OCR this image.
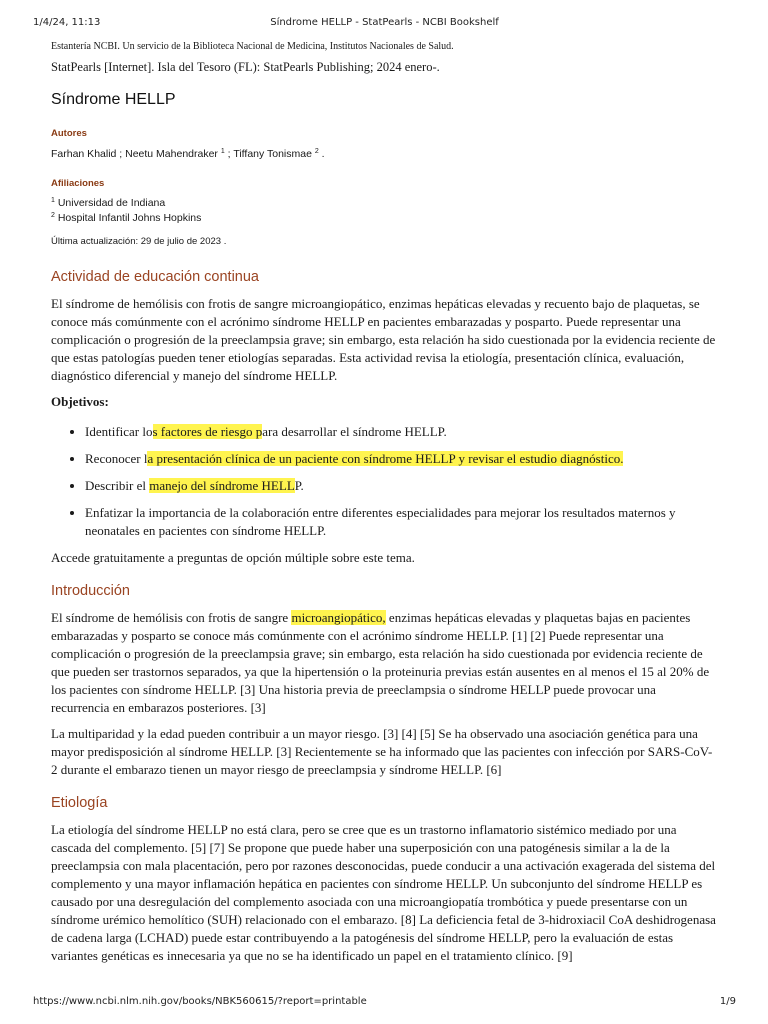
1/4/24, 11:13	Síndrome HELLP - StatPearls - NCBI Bookshelf

Estantería NCBI. Un servicio de la Biblioteca Nacional de Medicina, Institutos Nacionales de Salud.

StatPearls [Internet]. Isla del Tesoro (FL): StatPearls Publishing; 2024 enero-.

Síndrome HELLP

Autores

Farhan Khalid ; Neetu Mahendraker $^1$ ; Tiffany Tonismae $^2$ .

Afiliaciones

$^1$ Universidad de Indiana

$^2$ Hospital Infantil Johns Hopkins

Última actualización: 29 de julio de 2023 .

Actividad de educación continua

El síndrome de hemólisis con frotis de sangre microangiopático, enzimas hepáticas elevadas y recuento bajo de plaquetas, se conoce más comúnmente con el acrónimo síndrome HELLP en pacientes embarazadas y posparto. Puede representar una complicación o progresión de la preeclampsia grave; sin embargo, esta relación ha sido cuestionada por la evidencia reciente de que estas patologías pueden tener etiologías separadas. Esta actividad revisa la etiología, presentación clínica, evaluación, diagnóstico diferencial y manejo del síndrome HELLP.

Objetivos:

• Identificar los factores de riesgo para desarrollar el síndrome HELLP.
• Reconocer la presentación clínica de un paciente con síndrome HELLP y revisar el estudio diagnóstico.
• Describir el manejo del síndrome HELLP.
• Enfatizar la importancia de la colaboración entre diferentes especialidades para mejorar los resultados maternos y neonatales en pacientes con síndrome HELLP.

Accede gratuitamente a preguntas de opción múltiple sobre este tema.

Introducción

El síndrome de hemólisis con frotis de sangre microangiopático, enzimas hepáticas elevadas y plaquetas bajas en pacientes embarazadas y posparto se conoce más comúnmente con el acrónimo síndrome HELLP. [1] [2] Puede representar una complicación o progresión de la preeclampsia grave; sin embargo, esta relación ha sido cuestionada por evidencia reciente de que pueden ser trastornos separados, ya que la hipertensión o la proteinuria previas están ausentes en al menos el 15 al 20% de los pacientes con síndrome HELLP. [3] Una historia previa de preeclampsia o síndrome HELLP puede provocar una recurrencia en embarazos posteriores. [3]

La multiparidad y la edad pueden contribuir a un mayor riesgo. [3] [4] [5] Se ha observado una asociación genética para una mayor predisposición al síndrome HELLP. [3] Recientemente se ha informado que las pacientes con infección por SARS-CoV-2 durante el embarazo tienen un mayor riesgo de preeclampsia y síndrome HELLP. [6]

Etiología

La etiología del síndrome HELLP no está clara, pero se cree que es un trastorno inflamatorio sistémico mediado por una cascada del complemento. [5] [7] Se propone que puede haber una superposición con una patogénesis similar a la de la preeclampsia con mala placentación, pero por razones desconocidas, puede conducir a una activación exagerada del sistema del complemento y una mayor inflamación hepática en pacientes con síndrome HELLP. Un subconjunto del síndrome HELLP es causado por una desregulación del complemento asociada con una microangiopatía trombótica y puede presentarse con un síndrome urémico hemolítico (SUH) relacionado con el embarazo. [8] La deficiencia fetal de 3-hidroxiacil CoA deshidrogenasa de cadena larga (LCHAD) puede estar contribuyendo a la patogénesis del síndrome HELLP, pero la evaluación de estas variantes genéticas es innecesaria ya que no se ha identificado un papel en el tratamiento clínico. [9]

https://www.ncbi.nlm.nih.gov/books/NBK560615/?report=printable	1/9
